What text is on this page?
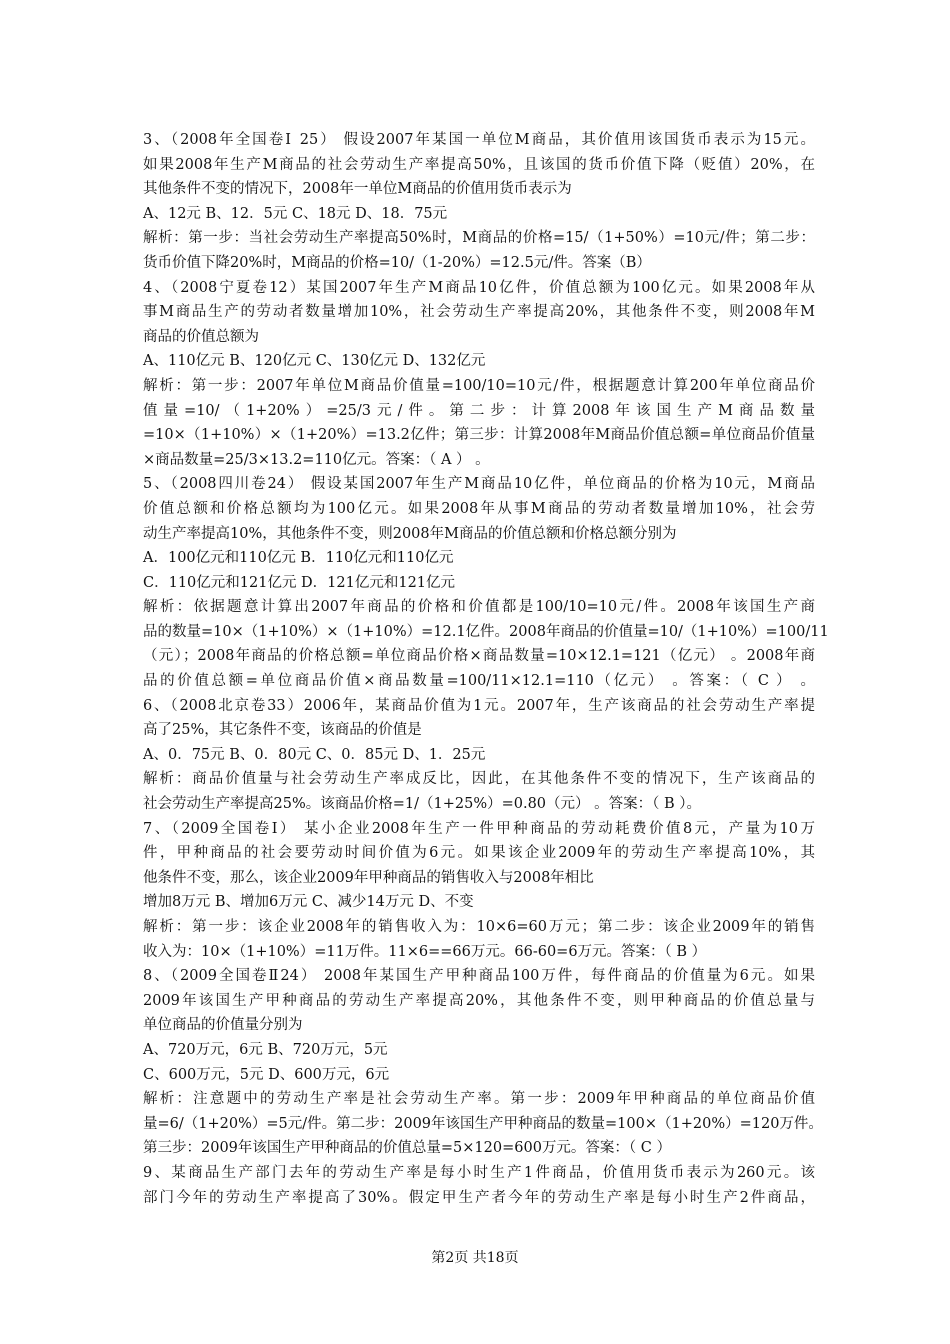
3、（2008年全国卷Ⅰ 25） 假设2007年某国一单位M商品，其价值用该国货币表示为15元。
如果2008年生产M商品的社会劳动生产率提高50%，且该国的货币价值下降（贬值）20%，在
其他条件不变的情况下，2008年一单位M商品的价值用货币表示为
A、12元 B、12．5元 C、18元 D、18．75元
解析：第一步：当社会劳动生产率提高50%时，M商品的价格=15/（1+50%）=10元/件；第二步：
货币价值下降20%时，M商品的价格=10/（1-20%）=12.5元/件。答案（B）
4、（2008宁夏卷12）某国2007年生产M商品10亿件，价值总额为100亿元。如果2008年从
事M商品生产的劳动者数量增加10%，社会劳动生产率提高20%，其他条件不变，则2008年M
商品的价值总额为
A、110亿元 B、120亿元 C、130亿元 D、132亿元
解析：第一步：2007年单位M商品价值量=100/10=10元/件，根据题意计算200年单位商品价
值量=10/（1+20%）=25/3元/件。第二步：计算2008年该国生产M商品数量
=10×（1+10%）×（1+20%）=13.2亿件；第三步：计算2008年M商品价值总额=单位商品价值量
×商品数量=25/3×13.2=110亿元。答案：（ A ） 。
5、（2008四川卷24） 假设某国2007年生产M商品10亿件，单位商品的价格为10元，M商品
价值总额和价格总额均为100亿元。如果2008年从事M商品的劳动者数量增加10%，社会劳
动生产率提高10%，其他条件不变，则2008年M商品的价值总额和价格总额分别为
A．100亿元和110亿元 B．110亿元和110亿元
C．110亿元和121亿元 D．121亿元和121亿元
解析：依据题意计算出2007年商品的价格和价值都是100/10=10元/件。2008年该国生产商
品的数量=10×（1+10%）×（1+10%）=12.1亿件。2008年商品的价值量=10/（1+10%）=100/11
（元）；2008年商品的价格总额=单位商品价格×商品数量=10×12.1=121（亿元） 。2008年商
品的价值总额=单位商品价值×商品数量=100/11×12.1=110（亿元） 。答案：（ C ） 。
6、（2008北京卷33）2006年，某商品价值为1元。2007年，生产该商品的社会劳动生产率提
高了25%，其它条件不变，该商品的价值是
A、0．75元 B、0．80元 C、0．85元 D、1．25元
解析：商品价值量与社会劳动生产率成反比，因此，在其他条件不变的情况下，生产该商品的
社会劳动生产率提高25%。该商品价格=1/（1+25%）=0.80（元） 。答案：（ B ）。
7、（2009全国卷Ⅰ） 某小企业2008年生产一件甲种商品的劳动耗费价值8元，产量为10万
件，甲种商品的社会要劳动时间价值为6元。如果该企业2009年的劳动生产率提高10%，其
他条件不变，那么，该企业2009年甲种商品的销售收入与2008年相比
增加8万元 B、增加6万元 C、减少14万元 D、不变
解析：第一步：该企业2008年的销售收入为：10×6=60万元；第二步：该企业2009年的销售
收入为：10×（1+10%）=11万件。11×6==66万元。66-60=6万元。答案：（ B ）
8、（2009全国卷Ⅱ24） 2008年某国生产甲种商品100万件，每件商品的价值量为6元。如果
2009年该国生产甲种商品的劳动生产率提高20%，其他条件不变，则甲种商品的价值总量与
单位商品的价值量分别为
A、720万元，6元 B、720万元，5元
C、600万元，5元 D、600万元，6元
解析：注意题中的劳动生产率是社会劳动生产率。第一步：2009年甲种商品的单位商品价值
量=6/（1+20%）=5元/件。第二步：2009年该国生产甲种商品的数量=100×（1+20%）=120万件。
第三步：2009年该国生产甲种商品的价值总量=5×120=600万元。答案：（ C ）
9、某商品生产部门去年的劳动生产率是每小时生产1件商品，价值用货币表示为260元。该
部门今年的劳动生产率提高了30%。假定甲生产者今年的劳动生产率是每小时生产2件商品，
第2页 共18页
